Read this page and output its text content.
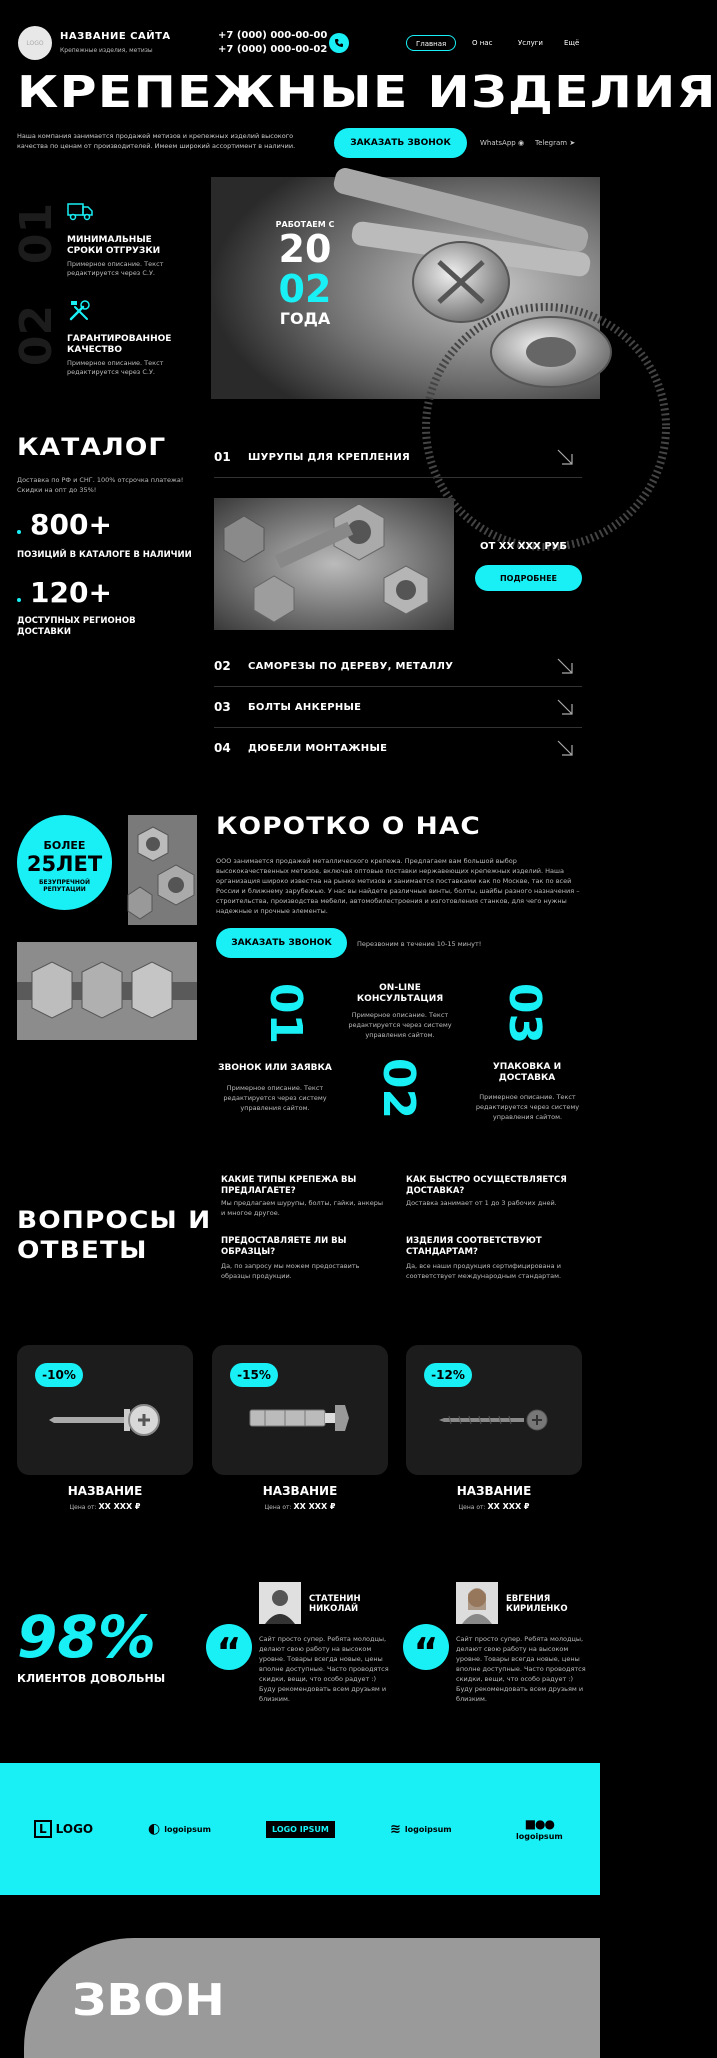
LOGO
НАЗВАНИЕ САЙТА
Крепежные изделия, метизы
+7 (000) 000-00-00
+7 (000) 000-00-02	Главная	О нас	Услуги	Ещё
КРЕПЕЖНЫЕ ИЗДЕЛИЯ

Наша компания занимается продажей метизов и крепежных изделий высокого качества по ценам от производителей. Имеем широкий ассортимент в наличии.	ЗАКАЗАТЬ ЗВОНОК	WhatsApp ◉ Telegram ➤
01 МИНИМАЛЬНЫЕ СРОКИ ОТГРУЗКИ
Примерное описание. Текст редактируется через С.У.
02 ГАРАНТИРОВАННОЕ КАЧЕСТВО
Примерное описание. Текст редактируется через С.У.
РАБОТАЕМ С
20
02
ГОДА
КАТАЛОГ

Доставка по РФ и СНГ. 100% отсрочка платежа! Скидки на опт до 35%!

800+
ПОЗИЦИЙ В КАТАЛОГЕ В НАЛИЧИИ
120+
ДОСТУПНЫХ РЕГИОНОВ ДОСТАВКИ
01 ШУРУПЫ ДЛЯ КРЕПЛЕНИЯ
ОТ ХХ ХХХ РУБ
ПОДРОБНЕЕ
02 САМОРЕЗЫ ПО ДЕРЕВУ, МЕТАЛЛУ
03 БОЛТЫ АНКЕРНЫЕ
04 ДЮБЕЛИ МОНТАЖНЫЕ
БОЛЕЕ
25ЛЕТ
БЕЗУПРЕЧНОЙ РЕПУТАЦИИ
КОРОТКО О НАС

ООО занимается продажей металлического крепежа. Предлагаем вам большой выбор высококачественных метизов, включая оптовые поставки нержавеющих крепежных изделий. Наша организация широко известна на рынке метизов и занимается поставками как по Москве, так по всей России и ближнему зарубежью. У нас вы найдете различные винты, болты, шайбы разного назначения – строительства, производства мебели, автомобилестроения и изготовления станков, для чего нужны надежные и прочные элементы.

ЗАКАЗАТЬ ЗВОНОК	Перезвоним в течение 10-15 минут!
01
ЗВОНОК ИЛИ ЗАЯВКА
Примерное описание. Текст редактируется через систему управления сайтом.
ON-LINE КОНСУЛЬТАЦИЯ
Примерное описание. Текст редактируется через систему управления сайтом.
02
03
УПАКОВКА И ДОСТАВКА
Примерное описание. Текст редактируется через систему управления сайтом.
ВОПРОСЫ И ОТВЕТЫ
КАКИЕ ТИПЫ КРЕПЕЖА ВЫ ПРЕДЛАГАЕТЕ?
Мы предлагаем шурупы, болты, гайки, анкеры и многое другое.
КАК БЫСТРО ОСУЩЕСТВЛЯЕТСЯ ДОСТАВКА?
Доставка занимает от 1 до 3 рабочих дней.
ПРЕДОСТАВЛЯЕТЕ ЛИ ВЫ ОБРАЗЦЫ?
Да, по запросу мы можем предоставить образцы продукции.
ИЗДЕЛИЯ СООТВЕТСТВУЮТ СТАНДАРТАМ?
Да, все наши продукция сертифицирована и соответствует международным стандартам.
-10%
НАЗВАНИЕ
Цена от: ХХ ХХХ ₽
-15%
НАЗВАНИЕ
Цена от: ХХ ХХХ ₽
-12%
НАЗВАНИЕ
Цена от: ХХ ХХХ ₽
98%
КЛИЕНТОВ ДОВОЛЬНЫ
“
СТАТЕНИН НИКОЛАЙ
Сайт просто супер. Ребята молодцы, делают свою работу на высоком уровне. Товары всегда новые, цены вполне доступные. Часто проводятся скидки, вещи, что особо радует :) Буду рекомендовать всем друзьям и близким.
“
ЕВГЕНИЯ КИРИЛЕНКО
Сайт просто супер. Ребята молодцы, делают свою работу на высоком уровне. Товары всегда новые, цены вполне доступные. Часто проводятся скидки, вещи, что особо радует :) Буду рекомендовать всем друзьям и близким.
L LOGO	◐ logoipsum	LOGO IPSUM	≋ logoipsum	■●●
logoipsum
ЗВОН
